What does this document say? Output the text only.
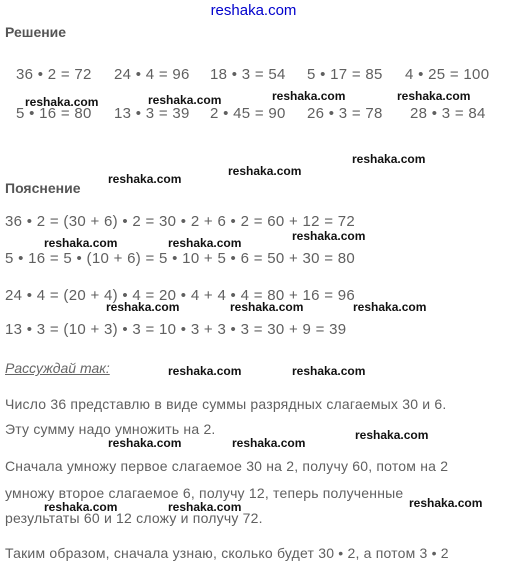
reshaka.com
Решение
36 • 2 = 72 24 • 4 = 96 18 • 3 = 54 5 • 17 = 85 4 • 25 = 100
5 • 16 = 80 13 • 3 = 39 2 • 45 = 90 26 • 3 = 78 28 • 3 = 84
Пояснение
36 • 2 = (30 + 6) • 2 = 30 • 2 + 6 • 2 = 60 + 12 = 72
5 • 16 = 5 • (10 + 6) = 5 • 10 + 5 • 6 = 50 + 30 = 80
24 • 4 = (20 + 4) • 4 = 20 • 4 + 4 • 4 = 80 + 16 = 96
13 • 3 = (10 + 3) • 3 = 10 • 3 + 3 • 3 = 30 + 9 = 39
Рассуждай так:
Число 36 представлю в виде суммы разрядных слагаемых 30 и 6.
Эту сумму надо умножить на 2.
Сначала умножу первое слагаемое 30 на 2, получу 60, потом на 2
умножу второе слагаемое 6, получу 12, теперь полученные
результаты 60 и 12 сложу и получу 72.
Таким образом, сначала узнаю, сколько будет 30 • 2, а потом 3 • 2
reshaka.com	reshaka.com	reshaka.com	reshaka.com
reshaka.com
reshaka.com
reshaka.com
reshaka.com
reshaka.com	reshaka.com
reshaka.com	reshaka.com	reshaka.com
reshaka.com	reshaka.com
reshaka.com
reshaka.com	reshaka.com
reshaka.com
reshaka.com	reshaka.com
